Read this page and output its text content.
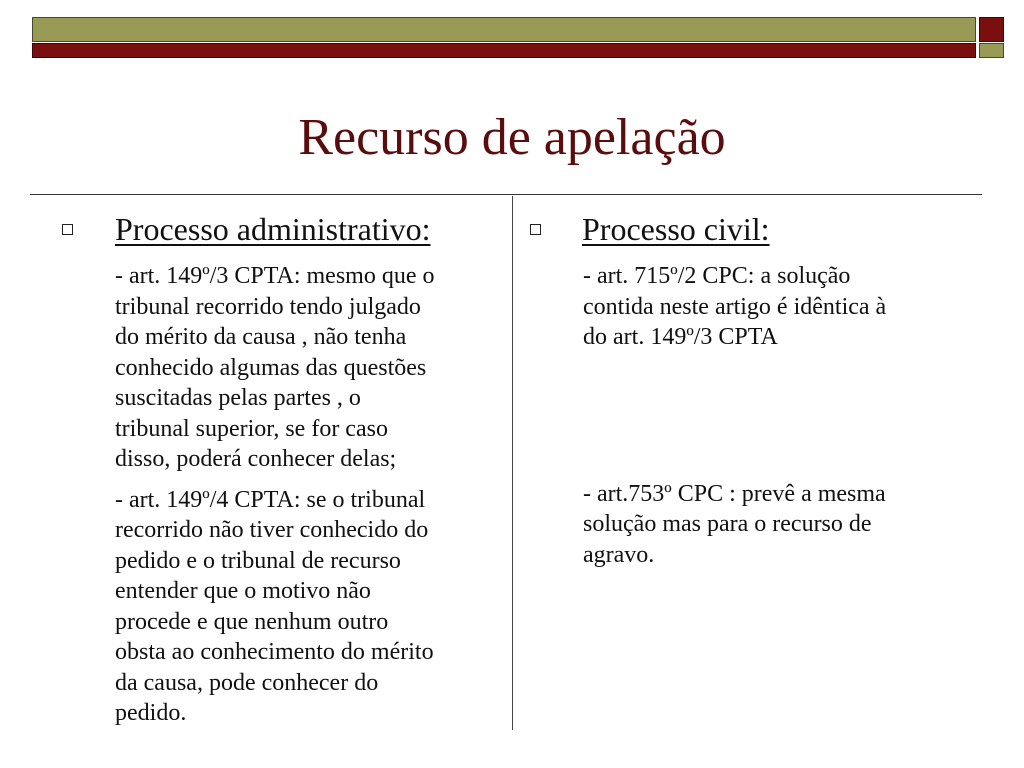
Recurso de apelação
Processo administrativo:
- art. 149º/3 CPTA: mesmo que o
tribunal recorrido tendo julgado
do mérito da causa , não tenha
conhecido algumas das questões
suscitadas pelas partes , o
tribunal superior, se for caso
disso, poderá conhecer delas;
- art. 149º/4 CPTA: se o tribunal
recorrido não tiver conhecido do
pedido e o tribunal de recurso
entender que o motivo não
procede e que nenhum outro
obsta ao conhecimento do mérito
da causa, pode conhecer do
pedido.
Processo civil:
- art. 715º/2 CPC: a solução
contida neste artigo é idêntica à
do art. 149º/3 CPTA
- art.753º CPC : prevê a mesma
solução mas para o recurso de
agravo.
